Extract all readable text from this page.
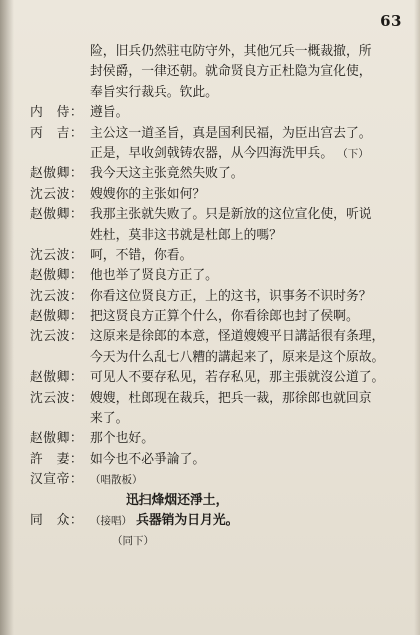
63
险，旧兵仍然驻屯防守外，其他冗兵一概裁撤，所
封侯爵，一律还朝。就命贤良方正杜隐为宣化使，
奉旨实行裁兵。钦此。
内　侍： 遵旨。
丙　吉： 主公这一道圣旨，真是国利民福，为臣出宫去了。
正是，早收剑戟铸农器，从今四海洗甲兵。 （下）
赵傲卿： 我今天这主张竟然失败了。
沈云波： 嫂嫂你的主张如何？
赵傲卿： 我那主张就失败了。只是新放的这位宣化使，听说
姓杜，莫非这书就是杜郎上的嗎？
沈云波： 呵，不错，你看。
赵傲卿： 他也举了贤良方正了。
沈云波： 你看这位贤良方正，上的这书，识事务不识时务？
赵傲卿： 把这贤良方正算个什么，你看徐郎也封了侯啊。
沈云波： 这原来是徐郎的本意，怪道嫂嫂平日講話很有条理，
今天为什么乱七八糟的講起来了，原来是这个原故。
赵傲卿： 可见人不要存私见，若存私见，那主張就沒公道了。
沈云波： 嫂嫂，杜郎现在裁兵，把兵一裁，那徐郎也就回京
来了。
赵傲卿： 那个也好。
許　妻： 如今也不必爭論了。
汉宣帝： （唱散板）
迅扫烽烟还淨土，
同　众： （接唱） 兵器销为日月光。
（同下）
